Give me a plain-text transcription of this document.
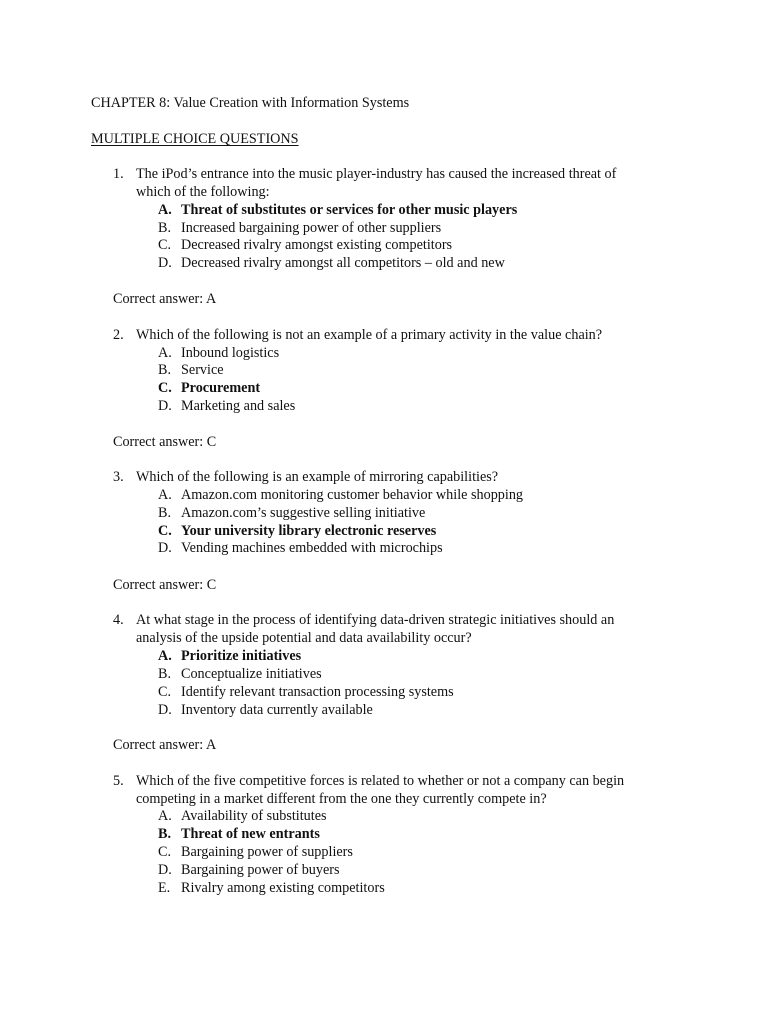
CHAPTER 8: Value Creation with Information Systems
MULTIPLE CHOICE QUESTIONS
1. The iPod’s entrance into the music player-industry has caused the increased threat of
which of the following:
A. Threat of substitutes or services for other music players
B. Increased bargaining power of other suppliers
C. Decreased rivalry amongst existing competitors
D. Decreased rivalry amongst all competitors – old and new
Correct answer: A
2. Which of the following is not an example of a primary activity in the value chain?
A. Inbound logistics
B. Service
C. Procurement
D. Marketing and sales
Correct answer: C
3. Which of the following is an example of mirroring capabilities?
A. Amazon.com monitoring customer behavior while shopping
B. Amazon.com’s suggestive selling initiative
C. Your university library electronic reserves
D. Vending machines embedded with microchips
Correct answer: C
4. At what stage in the process of identifying data-driven strategic initiatives should an
analysis of the upside potential and data availability occur?
A. Prioritize initiatives
B. Conceptualize initiatives
C. Identify relevant transaction processing systems
D. Inventory data currently available
Correct answer: A
5. Which of the five competitive forces is related to whether or not a company can begin
competing in a market different from the one they currently compete in?
A. Availability of substitutes
B. Threat of new entrants
C. Bargaining power of suppliers
D. Bargaining power of buyers
E. Rivalry among existing competitors
